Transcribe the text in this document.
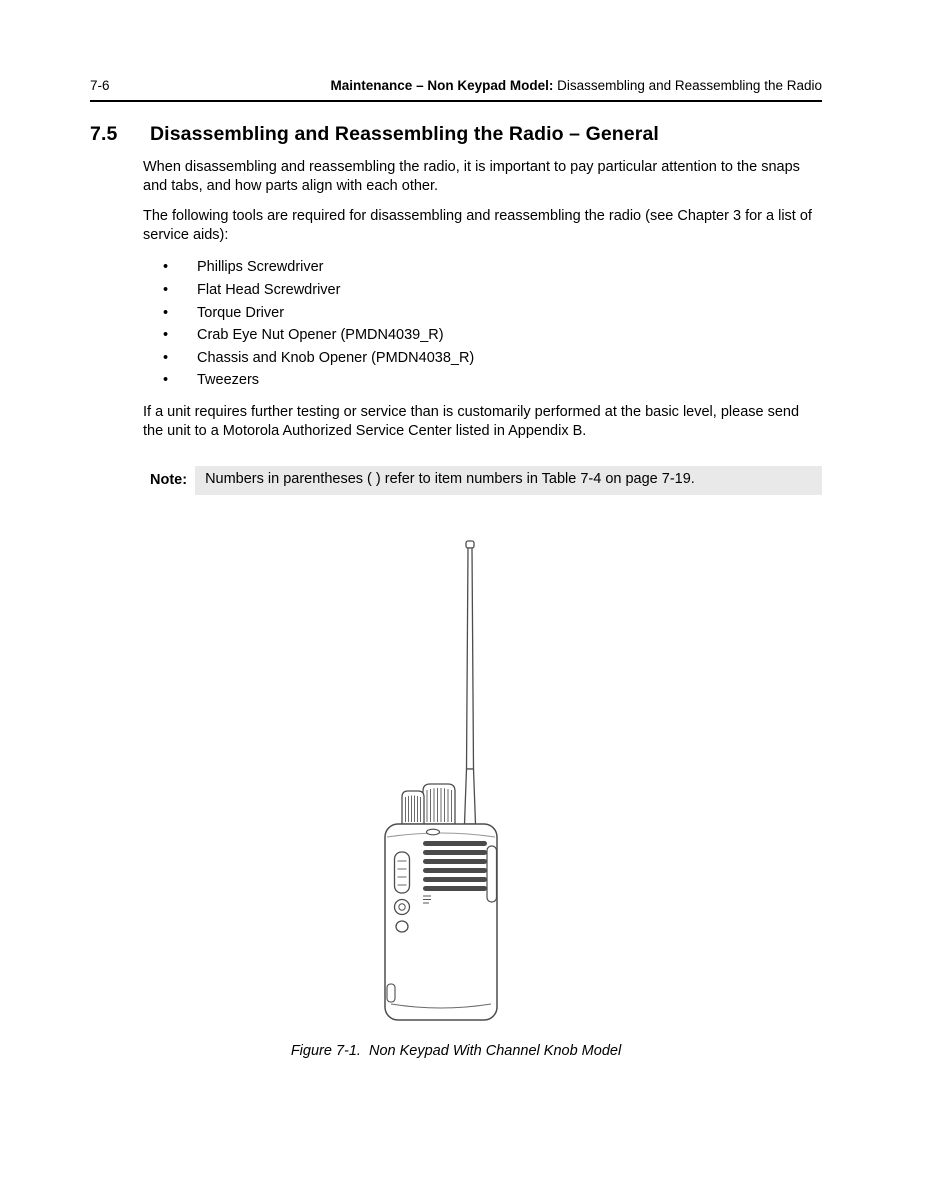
7-6	Maintenance – Non Keypad Model: Disassembling and Reassembling the Radio
7.5	Disassembling and Reassembling the Radio – General

When disassembling and reassembling the radio, it is important to pay particular attention to the snaps and tabs, and how parts align with each other.

The following tools are required for disassembling and reassembling the radio (see Chapter 3 for a list of service aids):

• Phillips Screwdriver
• Flat Head Screwdriver
• Torque Driver
• Crab Eye Nut Opener (PMDN4039_R)
• Chassis and Knob Opener (PMDN4038_R)
• Tweezers

If a unit requires further testing or service than is customarily performed at the basic level, please send the unit to a Motorola Authorized Service Center listed in Appendix B.

Note:	Numbers in parentheses ( ) refer to item numbers in Table 7-4 on page 7-19.
Figure 7-1.  Non Keypad With Channel Knob Model
